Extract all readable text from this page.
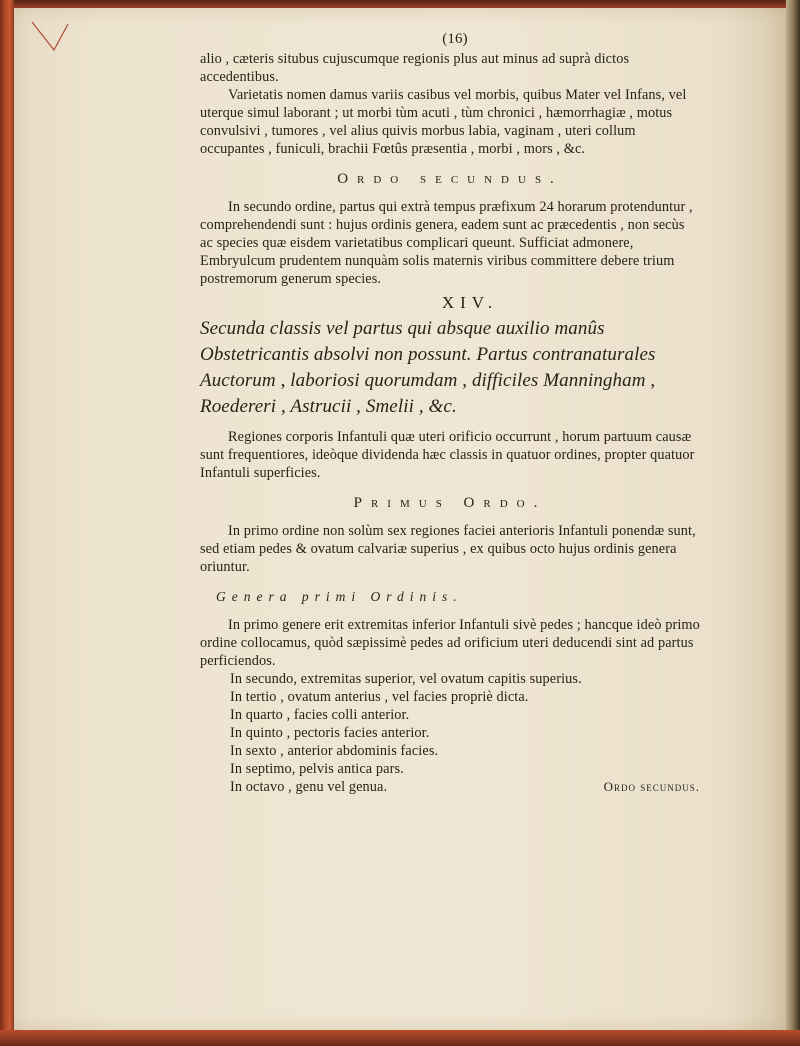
(16)

alio , cæteris situbus cujuscumque regionis plus aut minus ad suprà dictos accedentibus.

Varietatis nomen damus variis casibus vel morbis, quibus Mater vel Infans, vel uterque simul laborant ; ut morbi tùm acuti , tùm chronici , hæmorrhagiæ , motus convulsivi , tumores , vel alius quivis morbus labia, vaginam , uteri collum occupantes , funiculi, brachii Fœtûs præsentia , morbi , mors , &c.

Ordo secundus.

In secundo ordine, partus qui extrà tempus præfixum 24 horarum protenduntur , comprehendendi sunt : hujus ordinis genera, eadem sunt ac præcedentis , non secùs ac species quæ eisdem varietatibus complicari queunt. Sufficiat admonere, Embryulcum prudentem nunquàm solis maternis viribus committere debere trium postremorum generum species.

XIV.

Secunda classis vel partus qui absque auxilio manûs Obstetricantis absolvi non possunt. Partus contranaturales Auctorum , laboriosi quorumdam , difficiles Manningham , Roedereri , Astrucii , Smelii , &c.

Regiones corporis Infantuli quæ uteri orificio occurrunt , horum partuum causæ sunt frequentiores, ideòque dividenda hæc classis in quatuor ordines, propter quatuor Infantuli superficies.

Primus Ordo.

In primo ordine non solùm sex regiones faciei anterioris Infantuli ponendæ sunt, sed etiam pedes & ovatum calvariæ superius , ex quibus octo hujus ordinis genera oriuntur.

Genera primi Ordinis.

In primo genere erit extremitas inferior Infantuli sivè pedes ; hancque ideò primo ordine collocamus, quòd sæpissimè pedes ad orificium uteri deducendi sint ad partus perficiendos.

In secundo, extremitas superior, vel ovatum capitis superius.
In tertio , ovatum anterius , vel facies propriè dicta.
In quarto , facies colli anterior.
In quinto , pectoris facies anterior.
In sexto , anterior abdominis facies.
In septimo, pelvis antica pars.
In octavo , genu vel genua.	Ordo secundus.
